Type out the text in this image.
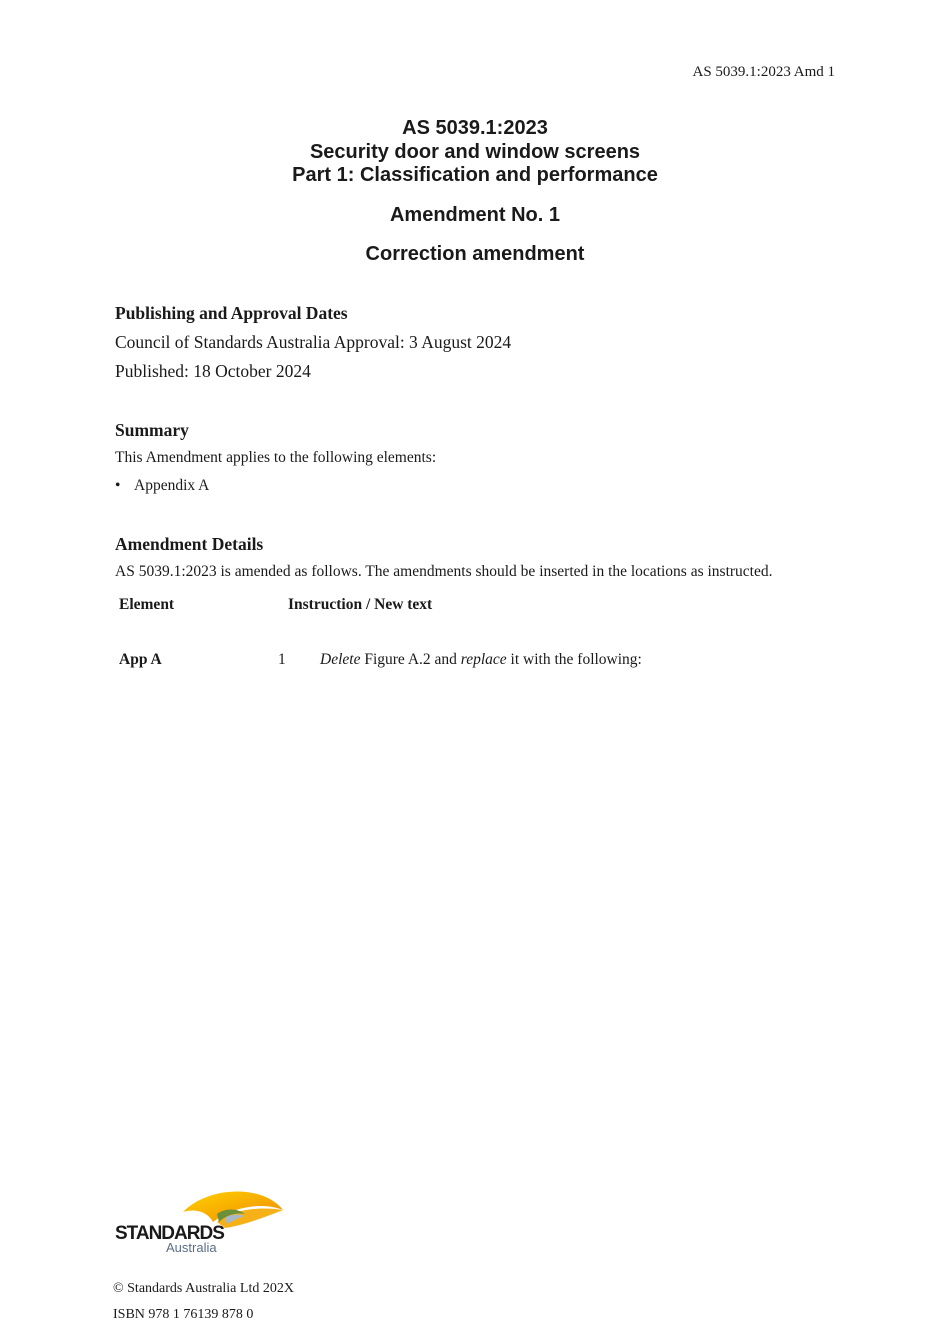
AS 5039.1:2023 Amd 1
AS 5039.1:2023
Security door and window screens
Part 1: Classification and performance
Amendment No. 1
Correction amendment
Publishing and Approval Dates
Council of Standards Australia Approval: 3 August 2024
Published: 18 October 2024
Summary
This Amendment applies to the following elements:
• Appendix A
Amendment Details
AS 5039.1:2023 is amended as follows. The amendments should be inserted in the locations as instructed.
Element	Instruction / New text
App A	1 Delete Figure A.2 and replace it with the following:
STANDARDS
Australia
© Standards Australia Ltd 202X
ISBN 978 1 76139 878 0
